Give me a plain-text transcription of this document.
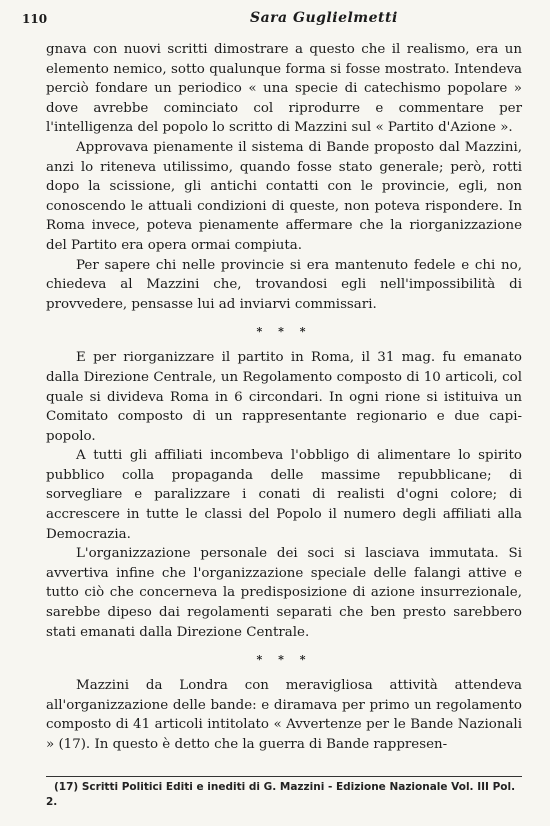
110	Sara Guglielmetti

gnava con nuovi scritti dimostrare a questo che il realismo, era un elemento nemico, sotto qualunque forma si fosse mostrato. Intendeva perciò fondare un periodico « una specie di catechismo popolare » dove avrebbe cominciato col riprodurre e commentare per l'intelligenza del popolo lo scritto di Mazzini sul « Partito d'Azione ».

Approvava pienamente il sistema di Bande proposto dal Mazzini, anzi lo riteneva utilissimo, quando fosse stato generale; però, rotti dopo la scissione, gli antichi contatti con le provincie, egli, non conoscendo le attuali condizioni di queste, non poteva rispondere. In Roma invece, poteva pienamente affermare che la riorganizzazione del Partito era opera ormai compiuta.

Per sapere chi nelle provincie si era mantenuto fedele e chi no, chiedeva al Mazzini che, trovandosi egli nell'impossibilità di provvedere, pensasse lui ad inviarvi commissari.

* * *

E per riorganizzare il partito in Roma, il 31 mag. fu emanato dalla Direzione Centrale, un Regolamento composto di 10 articoli, col quale si divideva Roma in 6 circondari. In ogni rione si istituiva un Comitato composto di un rappresentante regionario e due capi-popolo.

A tutti gli affiliati incombeva l'obbligo di alimentare lo spirito pubblico colla propaganda delle massime repubblicane; di sorvegliare e paralizzare i conati di realisti d'ogni colore; di accrescere in tutte le classi del Popolo il numero degli affiliati alla Democrazia.

L'organizzazione personale dei soci si lasciava immutata. Si avvertiva infine che l'organizzazione speciale delle falangi attive e tutto ciò che concerneva la predisposizione di azione insurrezionale, sarebbe dipeso dai regolamenti separati che ben presto sarebbero stati emanati dalla Direzione Centrale.

* * *

Mazzini da Londra con meravigliosa attività attendeva all'organizzazione delle bande: e diramava per primo un regolamento composto di 41 articoli intitolato « Avvertenze per le Bande Nazionali » (17). In questo è detto che la guerra di Bande rappresen-

(17) Scritti Politici Editi e inediti di G. Mazzini - Edizione Nazionale Vol. III Pol. 2.
